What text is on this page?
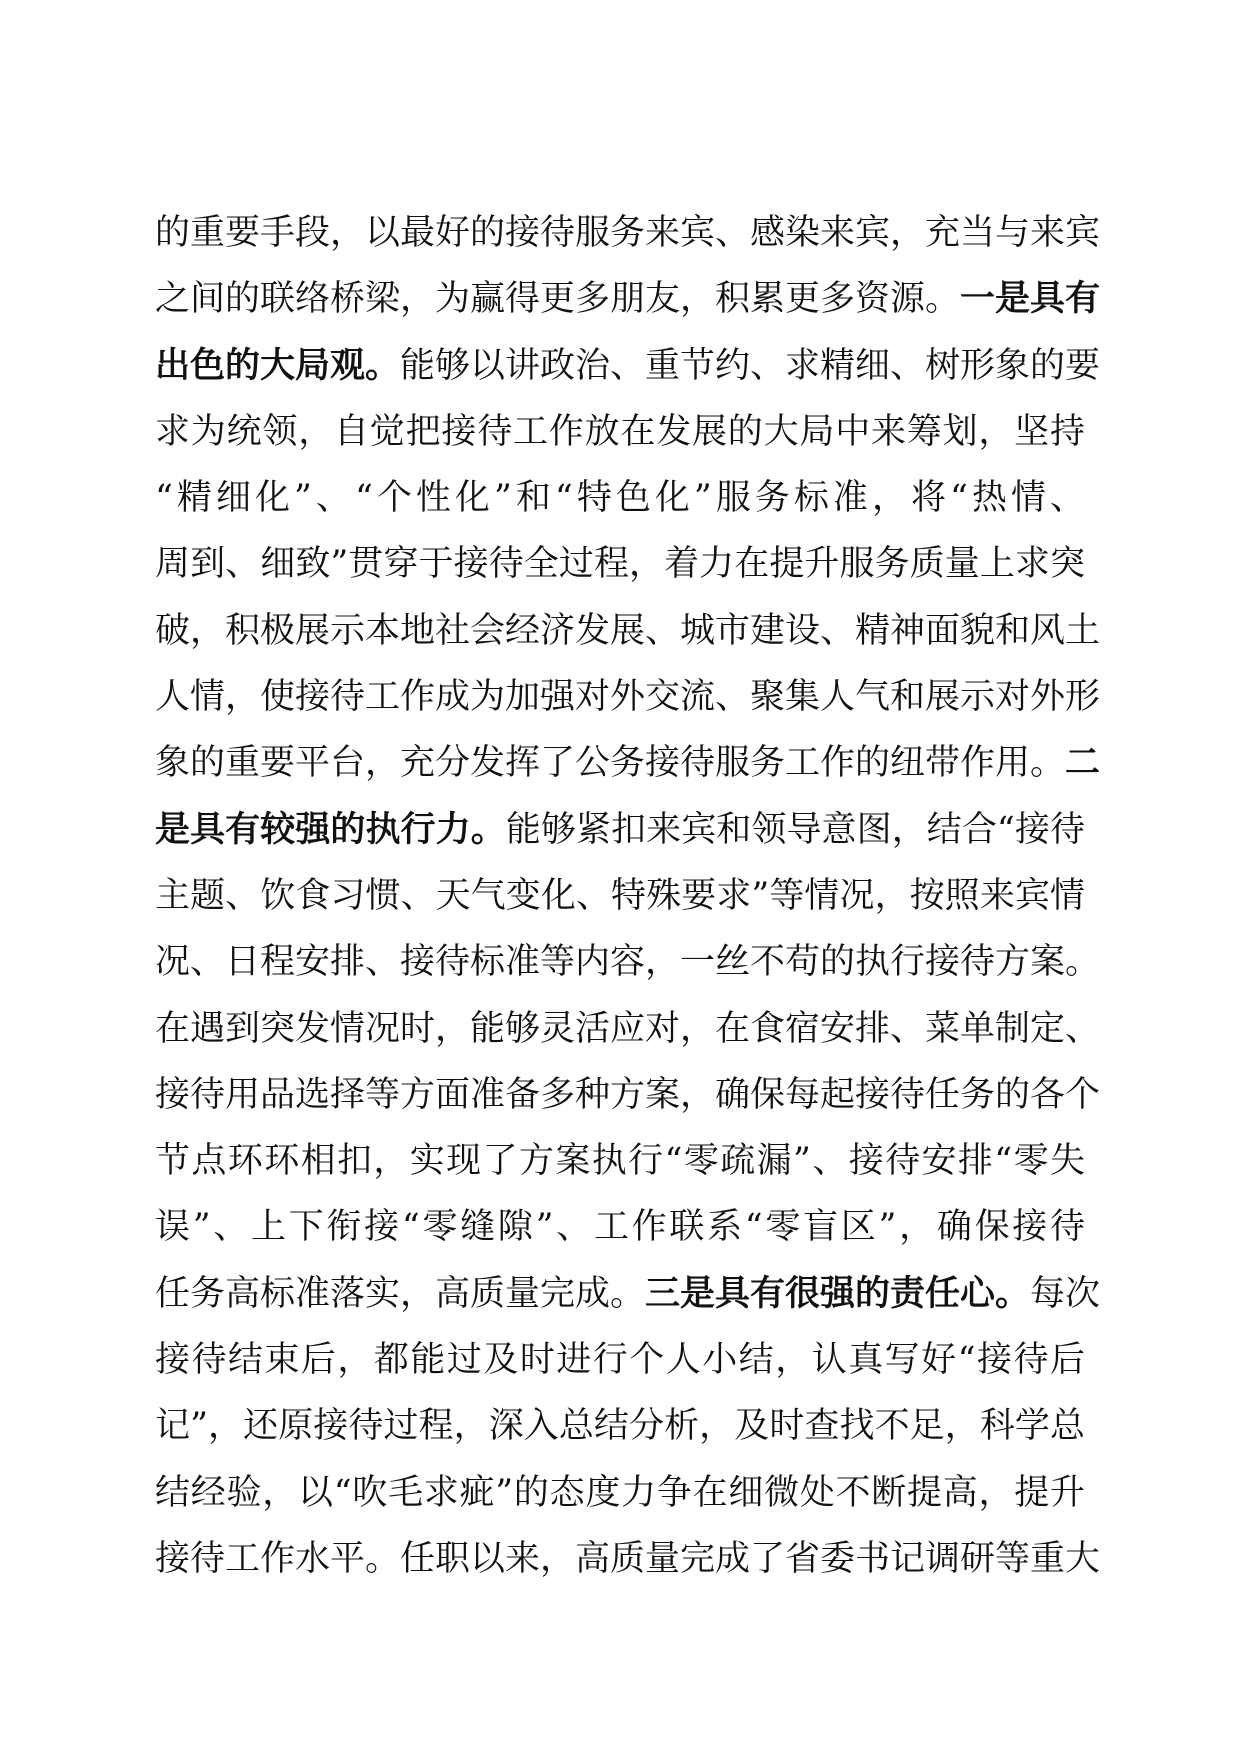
的重要手段，以最好的接待服务来宾、感染来宾，充当与来宾
之间的联络桥梁，为赢得更多朋友，积累更多资源。一是具有
出色的大局观。能够以讲政治、重节约、求精细、树形象的要
求为统领，自觉把接待工作放在发展的大局中来筹划，坚持
“精细化”、“个性化”和“特色化”服务标准，将“热情、
周到、细致”贯穿于接待全过程，着力在提升服务质量上求突
破，积极展示本地社会经济发展、城市建设、精神面貌和风土
人情，使接待工作成为加强对外交流、聚集人气和展示对外形
象的重要平台，充分发挥了公务接待服务工作的纽带作用。二
是具有较强的执行力。能够紧扣来宾和领导意图，结合“接待
主题、饮食习惯、天气变化、特殊要求”等情况，按照来宾情
况、日程安排、接待标准等内容，一丝不苟的执行接待方案。
在遇到突发情况时，能够灵活应对，在食宿安排、菜单制定、
接待用品选择等方面准备多种方案，确保每起接待任务的各个
节点环环相扣，实现了方案执行“零疏漏”、接待安排“零失
误”、上下衔接“零缝隙”、工作联系“零盲区”，确保接待
任务高标准落实，高质量完成。三是具有很强的责任心。每次
接待结束后，都能过及时进行个人小结，认真写好“接待后
记”，还原接待过程，深入总结分析，及时查找不足，科学总
结经验，以“吹毛求疵”的态度力争在细微处不断提高，提升
接待工作水平。任职以来，高质量完成了省委书记调研等重大
